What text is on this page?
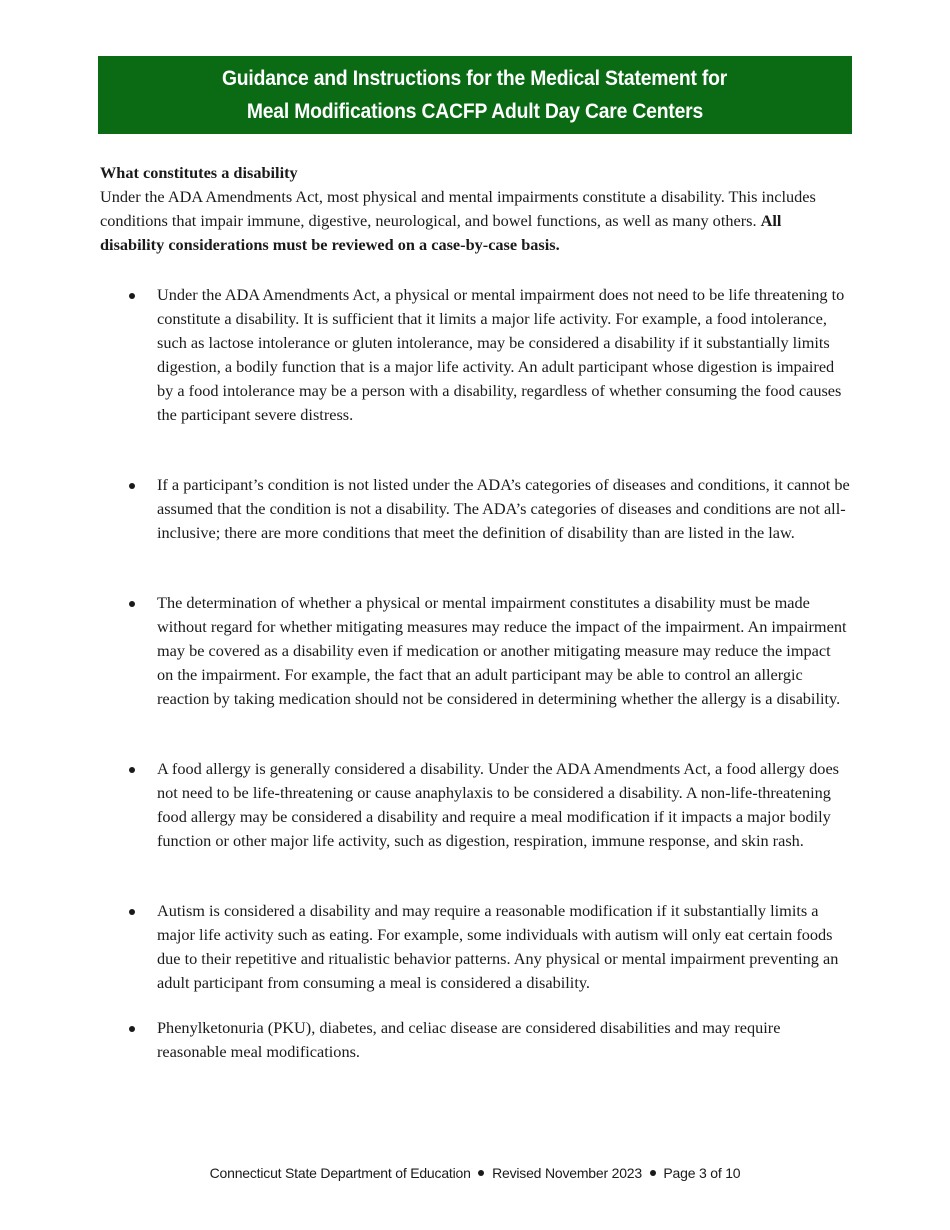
Guidance and Instructions for the Medical Statement for
Meal Modifications CACFP Adult Day Care Centers

What constitutes a disability

Under the ADA Amendments Act, most physical and mental impairments constitute a disability. This includes conditions that impair immune, digestive, neurological, and bowel functions, as well as many others. All disability considerations must be reviewed on a case-by-case basis.

Under the ADA Amendments Act, a physical or mental impairment does not need to be life threatening to constitute a disability. It is sufficient that it limits a major life activity. For example, a food intolerance, such as lactose intolerance or gluten intolerance, may be considered a disability if it substantially limits digestion, a bodily function that is a major life activity. An adult participant whose digestion is impaired by a food intolerance may be a person with a disability, regardless of whether consuming the food causes the participant severe distress.
If a participant’s condition is not listed under the ADA’s categories of diseases and conditions, it cannot be assumed that the condition is not a disability. The ADA’s categories of diseases and conditions are not all-inclusive; there are more conditions that meet the definition of disability than are listed in the law.
The determination of whether a physical or mental impairment constitutes a disability must be made without regard for whether mitigating measures may reduce the impact of the impairment. An impairment may be covered as a disability even if medication or another mitigating measure may reduce the impact on the impairment. For example, the fact that an adult participant may be able to control an allergic reaction by taking medication should not be considered in determining whether the allergy is a disability.
A food allergy is generally considered a disability. Under the ADA Amendments Act, a food allergy does not need to be life-threatening or cause anaphylaxis to be considered a disability. A non-life-threatening food allergy may be considered a disability and require a meal modification if it impacts a major bodily function or other major life activity, such as digestion, respiration, immune response, and skin rash.
Autism is considered a disability and may require a reasonable modification if it substantially limits a major life activity such as eating. For example, some individuals with autism will only eat certain foods due to their repetitive and ritualistic behavior patterns. Any physical or mental impairment preventing an adult participant from consuming a meal is considered a disability.
Phenylketonuria (PKU), diabetes, and celiac disease are considered disabilities and may require reasonable meal modifications.
Connecticut State Department of Education Revised November 2023 Page 3 of 10
